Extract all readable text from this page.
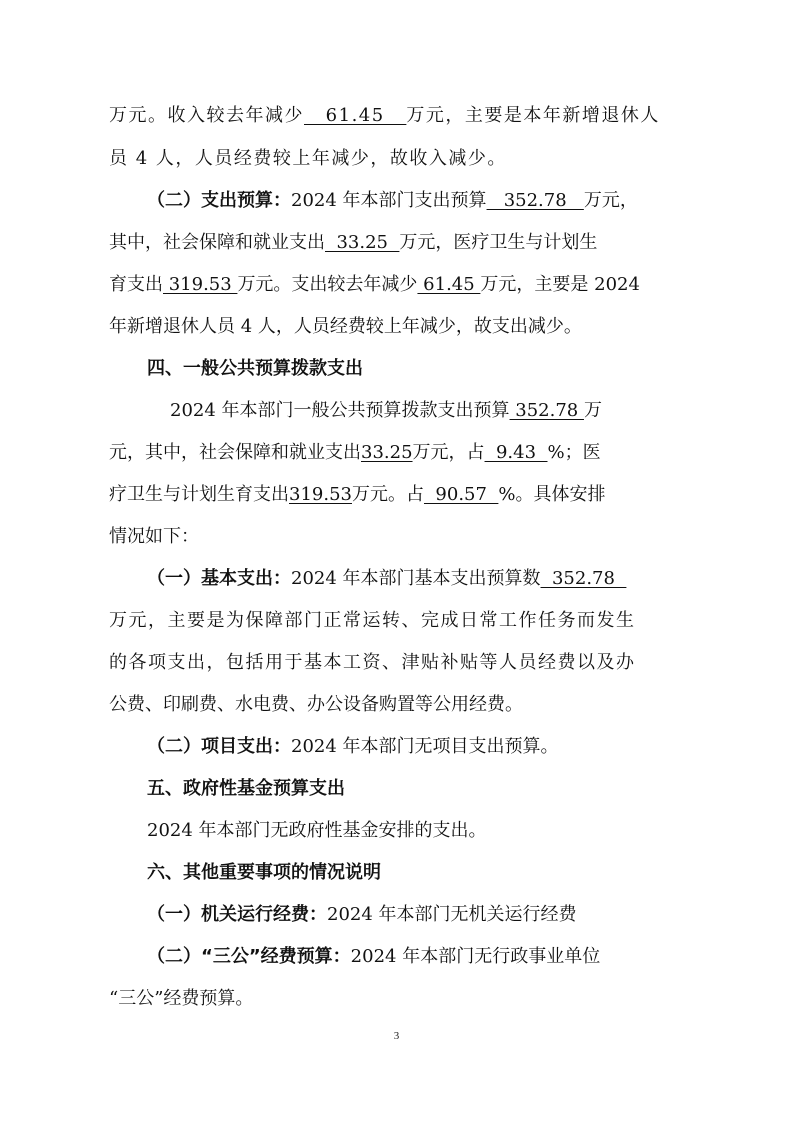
万元。收入较去年减少   61.45   万元，主要是本年新增退休人
员 4 人，人员经费较上年减少，故收入减少。
（二）支出预算：2024 年本部门支出预算   352.78   万元，
其中，社会保障和就业支出  33.25  万元，医疗卫生与计划生
育支出 319.53 万元。支出较去年减少 61.45 万元，主要是 2024
年新增退休人员 4 人，人员经费较上年减少，故支出减少。
四、一般公共预算拨款支出
2024 年本部门一般公共预算拨款支出预算 352.78 万
元，其中，社会保障和就业支出33.25万元，占  9.43  %；医
疗卫生与计划生育支出319.53万元。占  90.57  %。具体安排
情况如下：
（一）基本支出：2024 年本部门基本支出预算数  352.78
万元，主要是为保障部门正常运转、完成日常工作任务而发生
的各项支出，包括用于基本工资、津贴补贴等人员经费以及办
公费、印刷费、水电费、办公设备购置等公用经费。
（二）项目支出：2024 年本部门无项目支出预算。
五、政府性基金预算支出
2024 年本部门无政府性基金安排的支出。
六、其他重要事项的情况说明
（一）机关运行经费：2024 年本部门无机关运行经费
（二）“三公”经费预算：2024 年本部门无行政事业单位
“三公”经费预算。
3
